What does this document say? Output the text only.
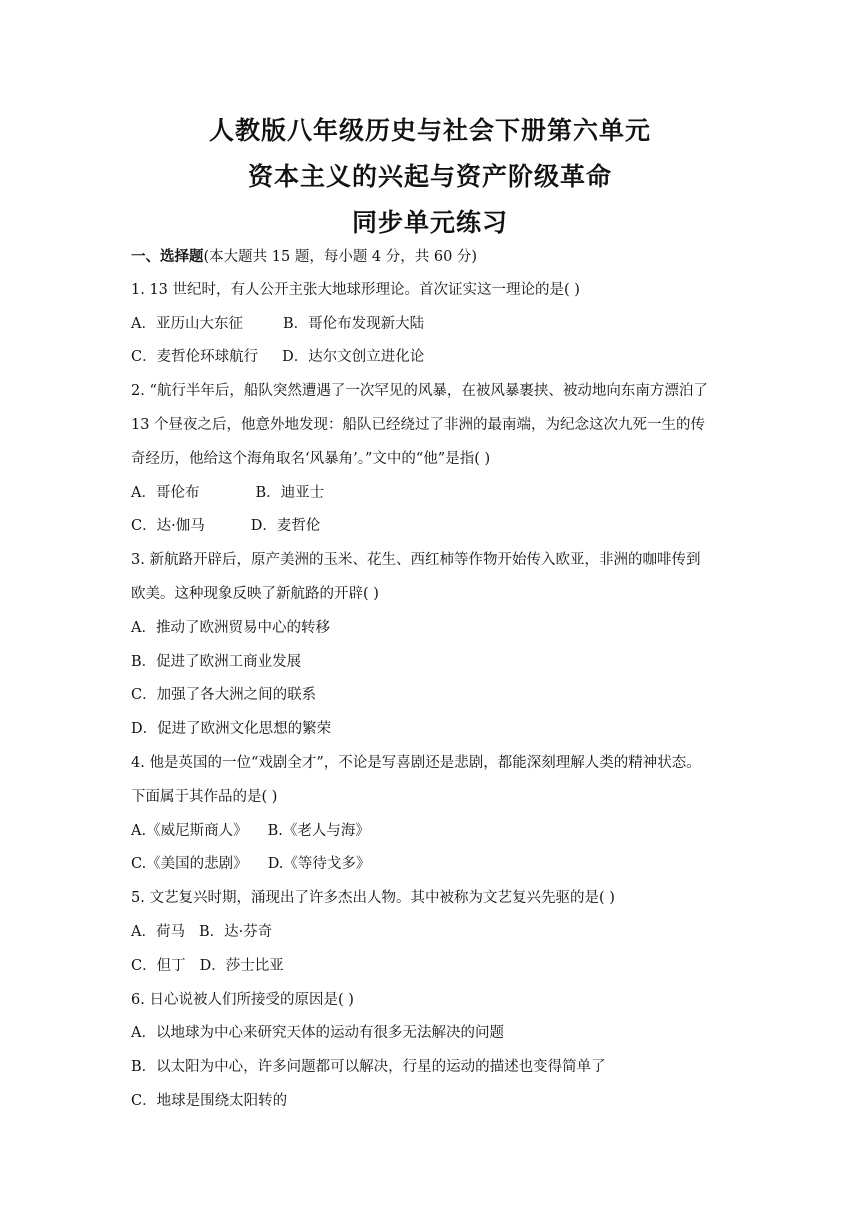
人教版八年级历史与社会下册第六单元
资本主义的兴起与资产阶级革命
同步单元练习
一、选择题(本大题共 15 题，每小题 4 分，共 60 分)
1. 13 世纪时，有人公开主张大地球形理论。首次证实这一理论的是( )
A．亚历山大东征	B．哥伦布发现新大陆
C．麦哲伦环球航行 D．达尔文创立进化论
2. “航行半年后，船队突然遭遇了一次罕见的风暴，在被风暴裹挟、被动地向东南方漂泊了
13 个昼夜之后，他意外地发现：船队已经绕过了非洲的最南端，为纪念这次九死一生的传
奇经历，他给这个海角取名‘风暴角’。”文中的“他”是指( )
A．哥伦布	B．迪亚士
C．达·伽马	D．麦哲伦
3. 新航路开辟后，原产美洲的玉米、花生、西红柿等作物开始传入欧亚，非洲的咖啡传到
欧美。这种现象反映了新航路的开辟( )
A．推动了欧洲贸易中心的转移
B．促进了欧洲工商业发展
C．加强了各大洲之间的联系
D．促进了欧洲文化思想的繁荣
4. 他是英国的一位“戏剧全才”，不论是写喜剧还是悲剧，都能深刻理解人类的精神状态。
下面属于其作品的是( )
A.《威尼斯商人》 B.《老人与海》
C.《美国的悲剧》 D.《等待戈多》
5. 文艺复兴时期，涌现出了许多杰出人物。其中被称为文艺复兴先驱的是( )
A．荷马 B．达·芬奇
C．但丁 D．莎士比亚
6. 日心说被人们所接受的原因是( )
A．以地球为中心来研究天体的运动有很多无法解决的问题
B．以太阳为中心，许多问题都可以解决，行星的运动的描述也变得简单了
C．地球是围绕太阳转的
